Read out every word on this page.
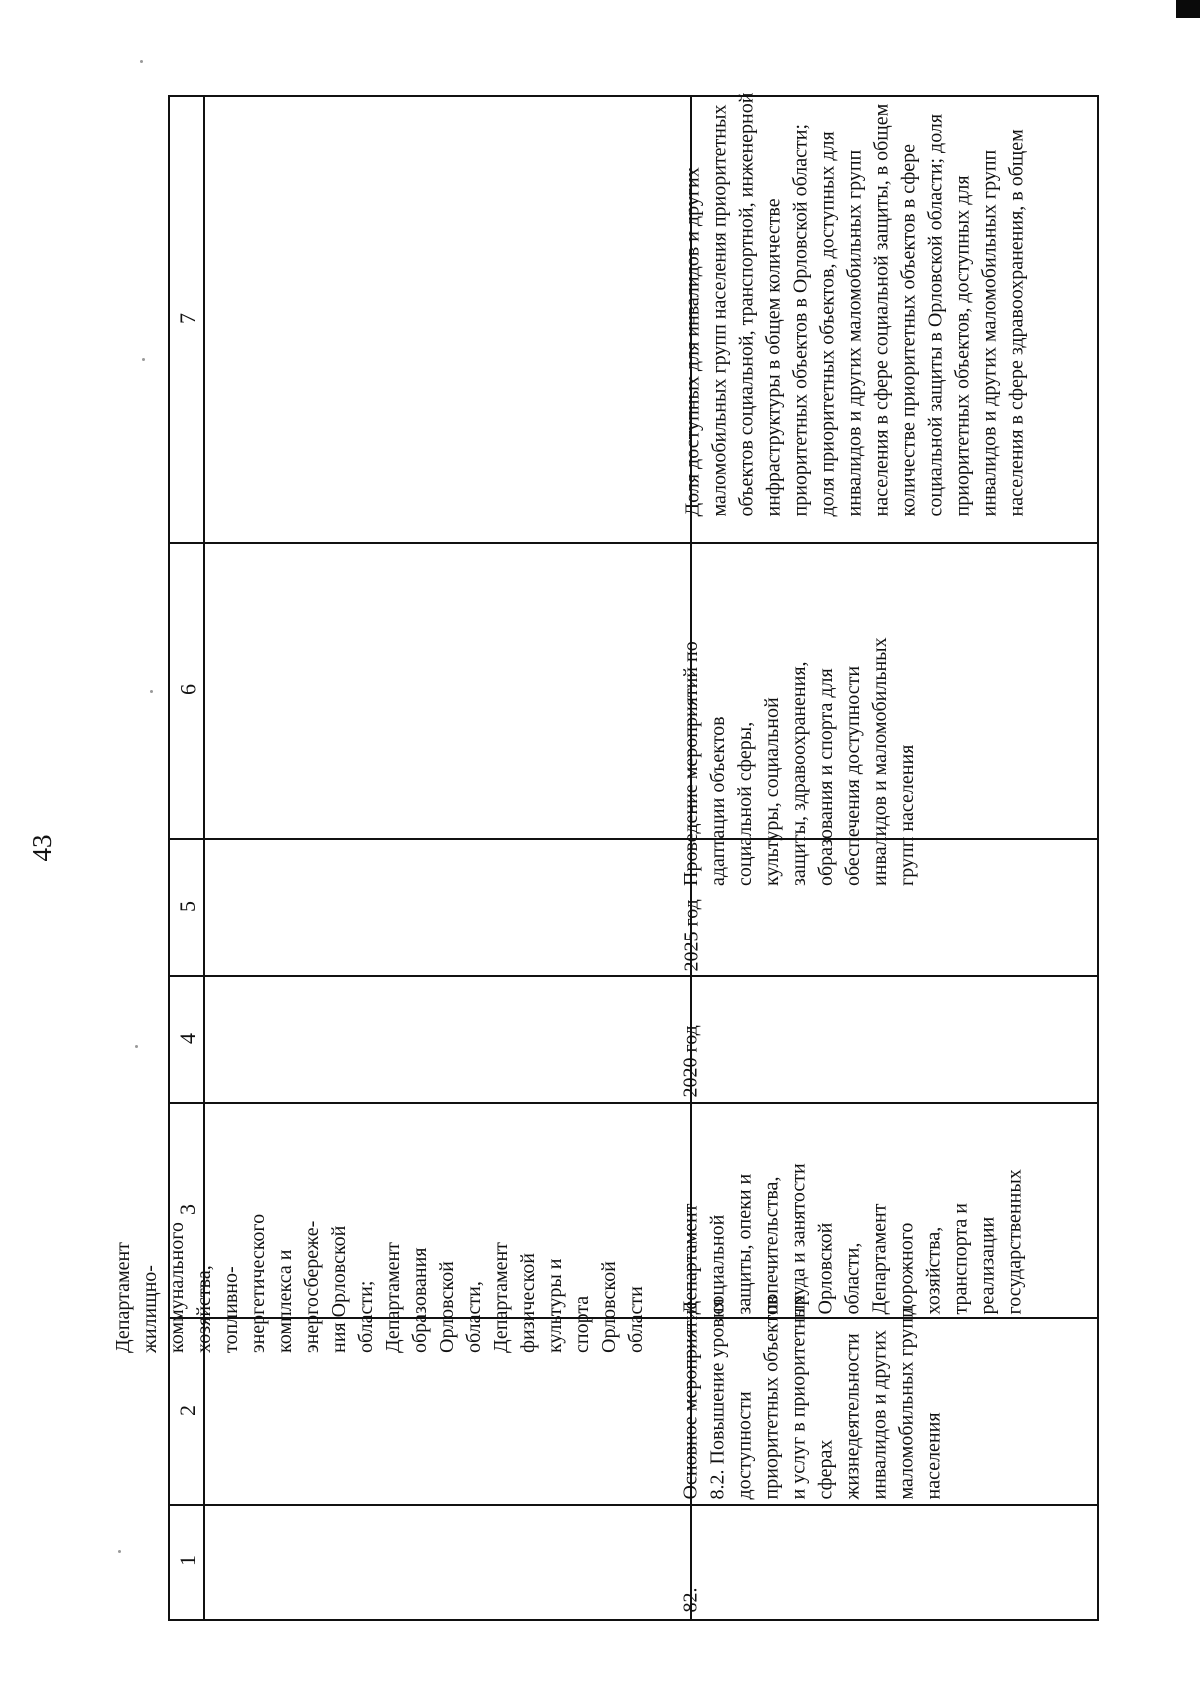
43
7
6
5
4
3
2
1
Департамент жилищно- коммунального хозяйства, топливно- энергетического комплекса и энергосбереже- ния Орловской области; Департамент образования Орловской области, Департамент физической культуры и спорта Орловской области
Доля доступных для инвалидов и других маломобильных групп населения приоритетных объектов социальной, транспортной, инженерной инфраструктуры в общем количестве приоритетных объектов в Орловской области; доля приоритетных объектов, доступных для инвалидов и других маломобильных групп населения в сфере социальной защиты, в общем количестве приоритетных объектов в сфере социальной защиты в Орловской области; доля приоритетных объектов, доступных для инвалидов и других маломобильных групп населения в сфере здравоохранения, в общем
Проведение мероприятий по адаптации объектов социальной сферы, культуры, социальной защиты, здравоохранения, образования и спорта для обеспечения доступности инвалидов и маломобильных групп населения
2025 год
2020 год
Департамент социальной защиты, опеки и попечительства, труда и занятости Орловской области, Департамент дорожного хозяйства, транспорта и реализации государственных
Основное мероприятие 8.2. Повышение уровня доступности приоритетных объектов и услуг в приоритетных сферах жизнедеятельности инвалидов и других маломобильных групп населения
82.
